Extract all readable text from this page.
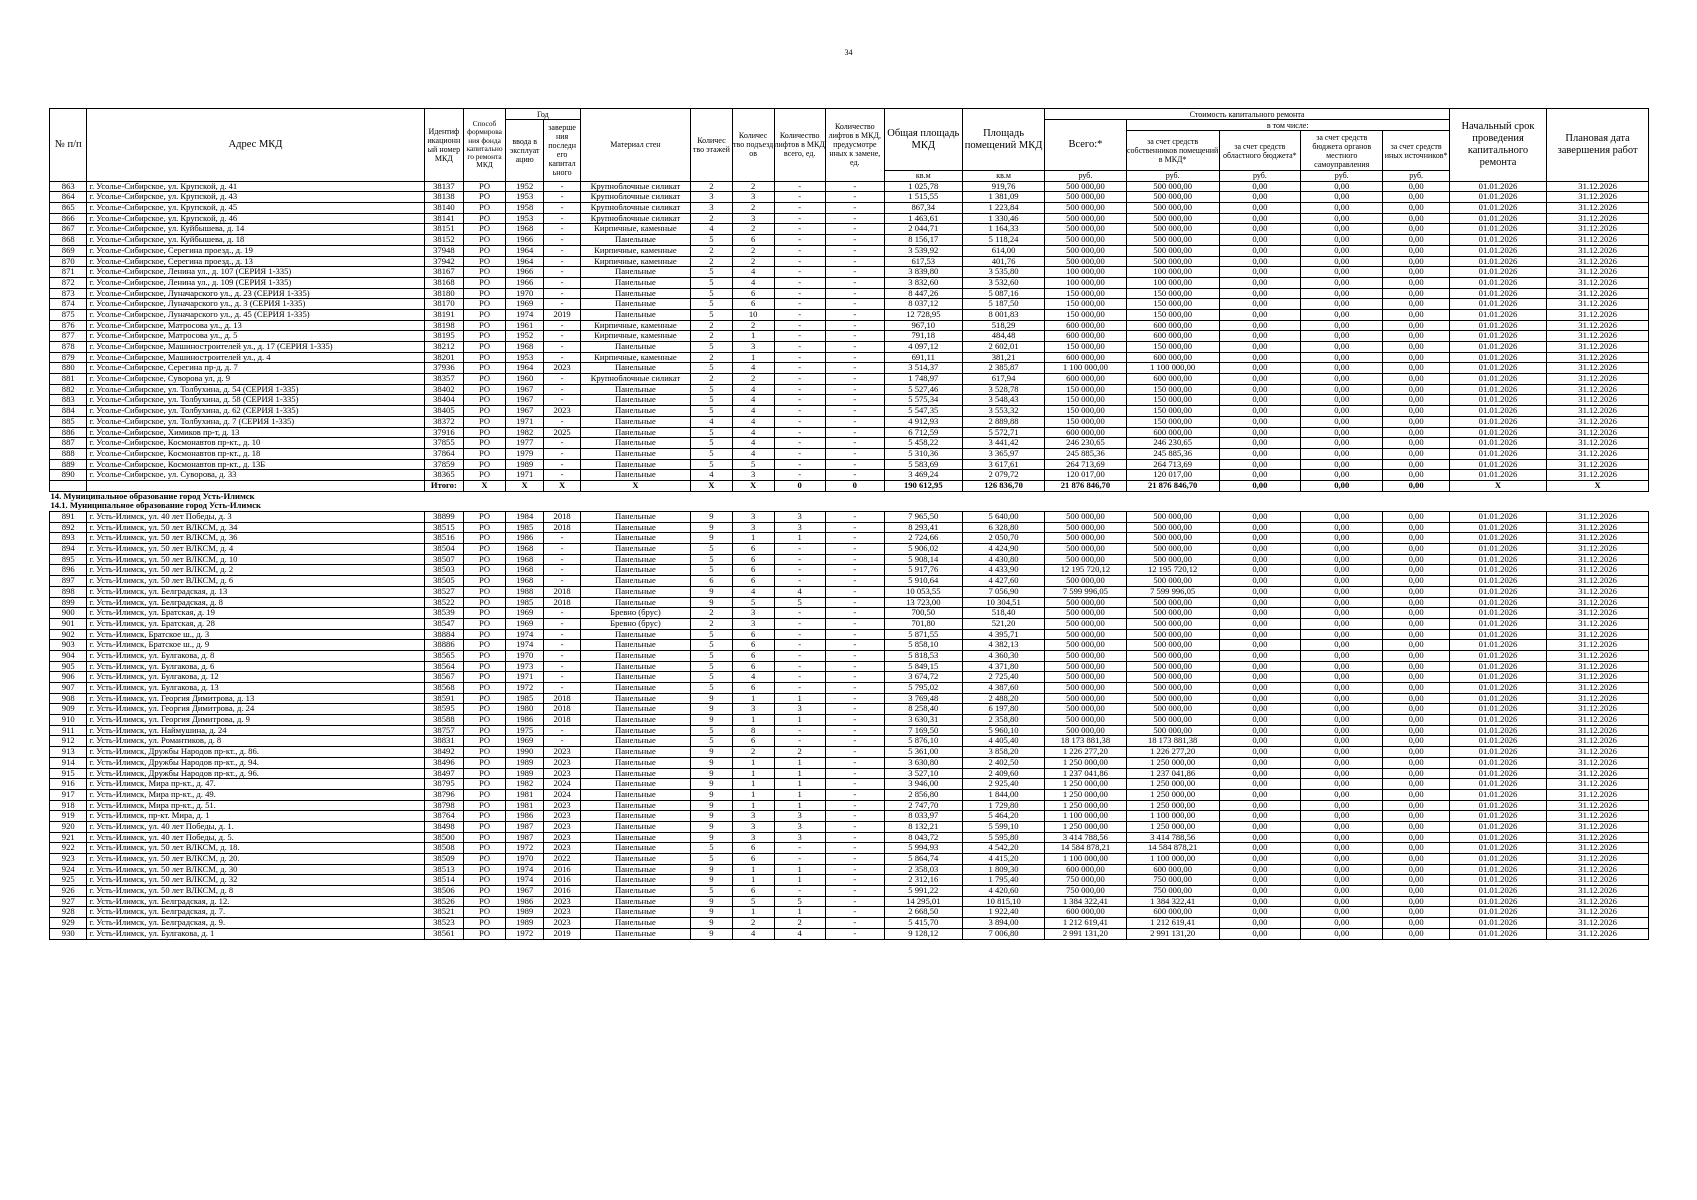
34
№ п/п	Адрес МКД	Идентиф икационн ый номер МКД	Способ формирова ния фонда капитально го ремонта МКД	Год		Материал стен	Количес тво этажей	Количес тво подъезд ов	Количество лифтов в МКД всего, ед.	Количество лифтов в МКД, предусмотре нных к замене, ед.	Общая площадь МКД	Площадь помещений МКД	Стоимость капитального ремонта					Начальный срок проведения капитального ремонта	Плановая дата завершения работ
				ввода в эксплуат ацию	заверше ния последн его капитал ьного								Всего:*	в том числе:					
														за счет средств собственников помещений в МКД*	за счет средств областного бюджета*	за счет средств бюджета органов местного самоуправления	за счет средств иных источников*		
											кв.м	кв.м	руб.	руб.	руб.	руб.	руб.		
863	г. Усолье-Сибирское, ул. Крупской, д. 41	38137	РО	1952	-	Крупноблочные силикат	2	2	-	-	1 025,78	919,76	500 000,00	500 000,00	0,00	0,00	0,00	01.01.2026	31.12.2026
864	г. Усолье-Сибирское, ул. Крупской, д. 43	38138	РО	1953	-	Крупноблочные силикат	3	3	-	-	1 515,55	1 381,09	500 000,00	500 000,00	0,00	0,00	0,00	01.01.2026	31.12.2026
865	г. Усолье-Сибирское, ул. Крупской, д. 45	38140	РО	1958	-	Крупноблочные силикат	3	2	-	-	867,34	1 223,84	500 000,00	500 000,00	0,00	0,00	0,00	01.01.2026	31.12.2026
866	г. Усолье-Сибирское, ул. Крупской, д. 46	38141	РО	1953	-	Крупноблочные силикат	2	3	-	-	1 463,61	1 330,46	500 000,00	500 000,00	0,00	0,00	0,00	01.01.2026	31.12.2026
867	г. Усолье-Сибирское, ул. Куйбышева, д. 14	38151	РО	1968	-	Кирпичные, каменные	4	2	-	-	2 044,71	1 164,33	500 000,00	500 000,00	0,00	0,00	0,00	01.01.2026	31.12.2026
868	г. Усолье-Сибирское, ул. Куйбышева, д. 18	38152	РО	1966	-	Панельные	5	6	-	-	8 156,17	5 118,24	500 000,00	500 000,00	0,00	0,00	0,00	01.01.2026	31.12.2026
869	г. Усолье-Сибирское, Серегина проезд., д. 19	37948	РО	1964	-	Кирпичные, каменные	2	2	-	-	3 539,92	614,00	500 000,00	500 000,00	0,00	0,00	0,00	01.01.2026	31.12.2026
870	г. Усолье-Сибирское, Серегина проезд., д. 13	37942	РО	1964	-	Кирпичные, каменные	2	2	-	-	617,53	401,76	500 000,00	500 000,00	0,00	0,00	0,00	01.01.2026	31.12.2026
871	г. Усолье-Сибирское, Ленина ул., д. 107 (СЕРИЯ 1-335)	38167	РО	1966	-	Панельные	5	4	-	-	3 839,80	3 535,80	100 000,00	100 000,00	0,00	0,00	0,00	01.01.2026	31.12.2026
872	г. Усолье-Сибирское, Ленина ул., д. 109 (СЕРИЯ 1-335)	38168	РО	1966	-	Панельные	5	4	-	-	3 832,60	3 532,60	100 000,00	100 000,00	0,00	0,00	0,00	01.01.2026	31.12.2026
873	г. Усолье-Сибирское, Луначарского ул., д. 23 (СЕРИЯ 1-335)	38180	РО	1970	-	Панельные	5	6	-	-	8 447,26	5 087,16	150 000,00	150 000,00	0,00	0,00	0,00	01.01.2026	31.12.2026
874	г. Усолье-Сибирское, Луначарского ул., д. 3 (СЕРИЯ 1-335)	38170	РО	1969	-	Панельные	5	6	-	-	8 037,12	5 187,50	150 000,00	150 000,00	0,00	0,00	0,00	01.01.2026	31.12.2026
875	г. Усолье-Сибирское, Луначарского ул., д. 45 (СЕРИЯ 1-335)	38191	РО	1974	2019	Панельные	5	10	-	-	12 728,95	8 001,83	150 000,00	150 000,00	0,00	0,00	0,00	01.01.2026	31.12.2026
876	г. Усолье-Сибирское, Матросова ул., д. 13	38198	РО	1961	-	Кирпичные, каменные	2	2	-	-	967,10	518,29	600 000,00	600 000,00	0,00	0,00	0,00	01.01.2026	31.12.2026
877	г. Усолье-Сибирское, Матросова ул., д. 5	38195	РО	1952	-	Кирпичные, каменные	2	1	-	-	791,18	484,48	600 000,00	600 000,00	0,00	0,00	0,00	01.01.2026	31.12.2026
878	г. Усолье-Сибирское, Машиностроителей ул., д. 17 (СЕРИЯ 1-335)	38212	РО	1968	-	Панельные	5	3	-	-	4 097,12	2 602,01	150 000,00	150 000,00	0,00	0,00	0,00	01.01.2026	31.12.2026
879	г. Усолье-Сибирское, Машиностроителей ул., д. 4	38201	РО	1953	-	Кирпичные, каменные	2	1	-	-	691,11	381,21	600 000,00	600 000,00	0,00	0,00	0,00	01.01.2026	31.12.2026
880	г. Усолье-Сибирское, Серегина пр-д, д. 7	37936	РО	1964	2023	Панельные	5	4	-	-	3 514,37	2 385,87	1 100 000,00	1 100 000,00	0,00	0,00	0,00	01.01.2026	31.12.2026
881	г. Усолье-Сибирское, Суворова ул, д. 9	38357	РО	1960	-	Крупноблочные силикат	2	2	-	-	1 748,97	617,94	600 000,00	600 000,00	0,00	0,00	0,00	01.01.2026	31.12.2026
882	г. Усолье-Сибирское, ул. Толбухина, д. 54 (СЕРИЯ 1-335)	38402	РО	1967	-	Панельные	5	4	-	-	5 527,46	3 528,78	150 000,00	150 000,00	0,00	0,00	0,00	01.01.2026	31.12.2026
883	г. Усолье-Сибирское, ул. Толбухина, д. 58 (СЕРИЯ 1-335)	38404	РО	1967	-	Панельные	5	4	-	-	5 575,34	3 548,43	150 000,00	150 000,00	0,00	0,00	0,00	01.01.2026	31.12.2026
884	г. Усолье-Сибирское, ул. Толбухина, д. 62 (СЕРИЯ 1-335)	38405	РО	1967	2023	Панельные	5	4	-	-	5 547,35	3 553,32	150 000,00	150 000,00	0,00	0,00	0,00	01.01.2026	31.12.2026
885	г. Усолье-Сибирское, ул. Толбухина, д. 7 (СЕРИЯ 1-335)	38372	РО	1971	-	Панельные	4	4	-	-	4 912,93	2 889,88	150 000,00	150 000,00	0,00	0,00	0,00	01.01.2026	31.12.2026
886	г. Усолье-Сибирское, Химиков пр-т, д. 13	37916	РО	1982	2025	Панельные	5	4	-	-	6 712,59	5 572,71	600 000,00	600 000,00	0,00	0,00	0,00	01.01.2026	31.12.2026
887	г. Усолье-Сибирское, Космонавтов пр-кт., д. 10	37855	РО	1977	-	Панельные	5	4	-	-	5 458,22	3 441,42	246 230,65	246 230,65	0,00	0,00	0,00	01.01.2026	31.12.2026
888	г. Усолье-Сибирское, Космонавтов пр-кт., д. 18	37864	РО	1979	-	Панельные	5	4	-	-	5 310,36	3 365,97	245 885,36	245 885,36	0,00	0,00	0,00	01.01.2026	31.12.2026
889	г. Усолье-Сибирское, Космонавтов пр-кт., д. 13Б	37859	РО	1989	-	Панельные	5	5	-	-	5 583,69	3 617,61	264 713,69	264 713,69	0,00	0,00	0,00	01.01.2026	31.12.2026
890	г. Усолье-Сибирское, ул. Суворова, д. 33	38365	РО	1971	-	Панельные	4	3	-	-	3 469,24	2 079,72	120 017,00	120 017,00	0,00	0,00	0,00	01.01.2026	31.12.2026
		Итого:	Х	Х	Х	Х	Х	Х	0	0	190 612,95	126 836,70	21 876 846,70	21 876 846,70	0,00	0,00	0,00	Х	Х
14. Муниципальное образование город Усть-Илимск																			
14.1. Муниципальное образование город Усть-Илимск																			
891	г. Усть-Илимск, ул. 40 лет Победы, д. 3	38899	РО	1984	2018	Панельные	9	3	3	-	7 965,50	5 640,00	500 000,00	500 000,00	0,00	0,00	0,00	01.01.2026	31.12.2026
892	г. Усть-Илимск, ул. 50 лет ВЛКСМ, д. 34	38515	РО	1985	2018	Панельные	9	3	3	-	8 293,41	6 328,80	500 000,00	500 000,00	0,00	0,00	0,00	01.01.2026	31.12.2026
893	г. Усть-Илимск, ул. 50 лет ВЛКСМ, д. 36	38516	РО	1986	-	Панельные	9	1	1	-	2 724,66	2 050,70	500 000,00	500 000,00	0,00	0,00	0,00	01.01.2026	31.12.2026
894	г. Усть-Илимск, ул. 50 лет ВЛКСМ, д. 4	38504	РО	1968	-	Панельные	5	6	-	-	5 906,02	4 424,90	500 000,00	500 000,00	0,00	0,00	0,00	01.01.2026	31.12.2026
895	г. Усть-Илимск, ул. 50 лет ВЛКСМ, д. 10	38507	РО	1968	-	Панельные	5	6	-	-	5 908,14	4 430,80	500 000,00	500 000,00	0,00	0,00	0,00	01.01.2026	31.12.2026
896	г. Усть-Илимск, ул. 50 лет ВЛКСМ, д. 2	38503	РО	1968	-	Панельные	5	6	-	-	5 917,76	4 433,90	12 195 720,12	12 195 720,12	0,00	0,00	0,00	01.01.2026	31.12.2026
897	г. Усть-Илимск, ул. 50 лет ВЛКСМ, д. 6	38505	РО	1968	-	Панельные	6	6	-	-	5 910,64	4 427,60	500 000,00	500 000,00	0,00	0,00	0,00	01.01.2026	31.12.2026
898	г. Усть-Илимск, ул. Белградская, д. 13	38527	РО	1988	2018	Панельные	9	4	4	-	10 053,55	7 056,90	7 599 996,05	7 599 996,05	0,00	0,00	0,00	01.01.2026	31.12.2026
899	г. Усть-Илимск, ул. Белградская, д. 8	38522	РО	1985	2018	Панельные	9	5	5	-	13 723,00	10 304,51	500 000,00	500 000,00	0,00	0,00	0,00	01.01.2026	31.12.2026
900	г. Усть-Илимск, ул. Братская, д. 19	38539	РО	1969	-	Бревно (брус)	2	3	-	-	700,50	518,40	500 000,00	500 000,00	0,00	0,00	0,00	01.01.2026	31.12.2026
901	г. Усть-Илимск, ул. Братская, д. 28	38547	РО	1969	-	Бревно (брус)	2	3	-	-	701,80	521,20	500 000,00	500 000,00	0,00	0,00	0,00	01.01.2026	31.12.2026
902	г. Усть-Илимск, Братское ш., д. 3	38884	РО	1974	-	Панельные	5	6	-	-	5 871,55	4 395,71	500 000,00	500 000,00	0,00	0,00	0,00	01.01.2026	31.12.2026
903	г. Усть-Илимск, Братское ш., д. 9	38886	РО	1974	-	Панельные	5	6	-	-	5 858,10	4 382,13	500 000,00	500 000,00	0,00	0,00	0,00	01.01.2026	31.12.2026
904	г. Усть-Илимск, ул. Булгакова, д. 8	38565	РО	1970	-	Панельные	5	6	-	-	5 818,53	4 360,30	500 000,00	500 000,00	0,00	0,00	0,00	01.01.2026	31.12.2026
905	г. Усть-Илимск, ул. Булгакова, д. 6	38564	РО	1973	-	Панельные	5	6	-	-	5 849,15	4 371,80	500 000,00	500 000,00	0,00	0,00	0,00	01.01.2026	31.12.2026
906	г. Усть-Илимск, ул. Булгакова, д. 12	38567	РО	1971	-	Панельные	5	4	-	-	3 674,72	2 725,40	500 000,00	500 000,00	0,00	0,00	0,00	01.01.2026	31.12.2026
907	г. Усть-Илимск, ул. Булгакова, д. 13	38568	РО	1972	-	Панельные	5	6	-	-	5 795,02	4 387,60	500 000,00	500 000,00	0,00	0,00	0,00	01.01.2026	31.12.2026
908	г. Усть-Илимск, ул. Георгия Димитрова, д. 13	38591	РО	1985	2018	Панельные	9	1	1	-	3 769,48	2 488,20	500 000,00	500 000,00	0,00	0,00	0,00	01.01.2026	31.12.2026
909	г. Усть-Илимск, ул. Георгия Димитрова, д. 24	38595	РО	1980	2018	Панельные	9	3	3	-	8 258,40	6 197,80	500 000,00	500 000,00	0,00	0,00	0,00	01.01.2026	31.12.2026
910	г. Усть-Илимск, ул. Георгия Димитрова, д. 9	38588	РО	1986	2018	Панельные	9	1	1	-	3 630,31	2 358,80	500 000,00	500 000,00	0,00	0,00	0,00	01.01.2026	31.12.2026
911	г. Усть-Илимск, ул. Наймушина, д. 24	38757	РО	1975	-	Панельные	5	8	-	-	7 169,50	5 960,10	500 000,00	500 000,00	0,00	0,00	0,00	01.01.2026	31.12.2026
912	г. Усть-Илимск, ул. Романтиков, д. 8	38831	РО	1969	-	Панельные	5	6	-	-	5 876,10	4 405,40	18 173 881,38	18 173 881,38	0,00	0,00	0,00	01.01.2026	31.12.2026
913	г. Усть-Илимск, Дружбы Народов пр-кт., д. 86.	38492	РО	1990	2023	Панельные	9	2	2	-	5 361,00	3 858,20	1 226 277,20	1 226 277,20	0,00	0,00	0,00	01.01.2026	31.12.2026
914	г. Усть-Илимск, Дружбы Народов пр-кт., д. 94.	38496	РО	1989	2023	Панельные	9	1	1	-	3 630,80	2 402,50	1 250 000,00	1 250 000,00	0,00	0,00	0,00	01.01.2026	31.12.2026
915	г. Усть-Илимск, Дружбы Народов пр-кт., д. 96.	38497	РО	1989	2023	Панельные	9	1	1	-	3 527,10	2 409,60	1 237 041,86	1 237 041,86	0,00	0,00	0,00	01.01.2026	31.12.2026
916	г. Усть-Илимск, Мира пр-кт., д. 47.	38795	РО	1982	2024	Панельные	9	1	1	-	3 946,00	2 925,40	1 250 000,00	1 250 000,00	0,00	0,00	0,00	01.01.2026	31.12.2026
917	г. Усть-Илимск, Мира пр-кт., д. 49.	38796	РО	1981	2024	Панельные	9	1	1	-	2 856,80	1 844,00	1 250 000,00	1 250 000,00	0,00	0,00	0,00	01.01.2026	31.12.2026
918	г. Усть-Илимск, Мира пр-кт., д. 51.	38798	РО	1981	2023	Панельные	9	1	1	-	2 747,70	1 729,80	1 250 000,00	1 250 000,00	0,00	0,00	0,00	01.01.2026	31.12.2026
919	г. Усть-Илимск, пр-кт. Мира, д. 1	38764	РО	1986	2023	Панельные	9	3	3	-	8 033,97	5 464,20	1 100 000,00	1 100 000,00	0,00	0,00	0,00	01.01.2026	31.12.2026
920	г. Усть-Илимск, ул. 40 лет Победы, д. 1.	38498	РО	1987	2023	Панельные	9	3	3	-	8 132,21	5 599,10	1 250 000,00	1 250 000,00	0,00	0,00	0,00	01.01.2026	31.12.2026
921	г. Усть-Илимск, ул. 40 лет Победы, д. 5.	38500	РО	1987	2023	Панельные	9	3	3	-	8 043,72	5 595,80	3 414 788,56	3 414 788,56	0,00	0,00	0,00	01.01.2026	31.12.2026
922	г. Усть-Илимск, ул. 50 лет ВЛКСМ, д. 18.	38508	РО	1972	2023	Панельные	5	6	-	-	5 994,93	4 542,20	14 584 878,21	14 584 878,21	0,00	0,00	0,00	01.01.2026	31.12.2026
923	г. Усть-Илимск, ул. 50 лет ВЛКСМ, д. 20.	38509	РО	1970	2022	Панельные	5	6	-	-	5 864,74	4 415,20	1 100 000,00	1 100 000,00	0,00	0,00	0,00	01.01.2026	31.12.2026
924	г. Усть-Илимск, ул. 50 лет ВЛКСМ, д. 30	38513	РО	1974	2016	Панельные	9	1	1	-	2 358,03	1 809,30	600 000,00	600 000,00	0,00	0,00	0,00	01.01.2026	31.12.2026
925	г. Усть-Илимск, ул. 50 лет ВЛКСМ, д. 32	38514	РО	1974	2016	Панельные	9	1	1	-	2 312,16	1 795,40	750 000,00	750 000,00	0,00	0,00	0,00	01.01.2026	31.12.2026
926	г. Усть-Илимск, ул. 50 лет ВЛКСМ, д. 8	38506	РО	1967	2016	Панельные	5	6	-	-	5 991,22	4 420,60	750 000,00	750 000,00	0,00	0,00	0,00	01.01.2026	31.12.2026
927	г. Усть-Илимск, ул. Белградская, д. 12.	38526	РО	1986	2023	Панельные	9	5	5	-	14 295,01	10 815,10	1 384 322,41	1 384 322,41	0,00	0,00	0,00	01.01.2026	31.12.2026
928	г. Усть-Илимск, ул. Белградская, д. 7.	38521	РО	1989	2023	Панельные	9	1	1	-	2 668,50	1 922,40	600 000,00	600 000,00	0,00	0,00	0,00	01.01.2026	31.12.2026
929	г. Усть-Илимск, ул. Белградская, д. 9.	38523	РО	1989	2023	Панельные	9	2	2	-	5 415,70	3 894,00	1 212 619,41	1 212 619,41	0,00	0,00	0,00	01.01.2026	31.12.2026
930	г. Усть-Илимск, ул. Булгакова, д. 1	38561	РО	1972	2019	Панельные	9	4	4	-	9 128,12	7 006,80	2 991 131,20	2 991 131,20	0,00	0,00	0,00	01.01.2026	31.12.2026
